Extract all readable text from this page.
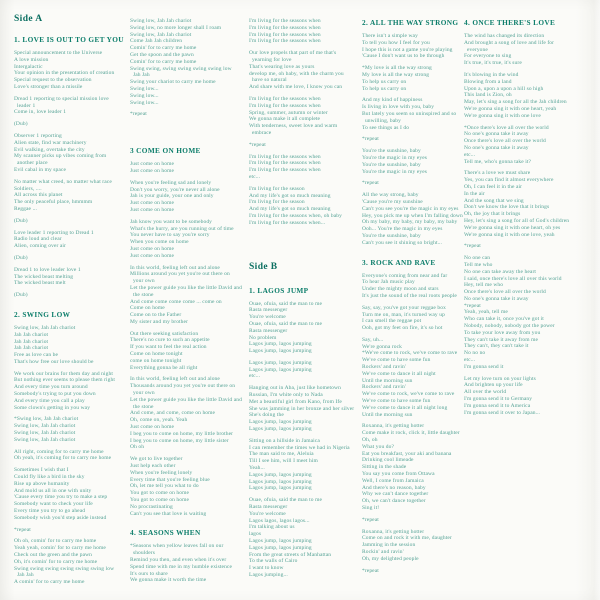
Side A
1. LOVE IS OUT TO GET YOU
Special announcement to the Universe
A love mission
Intergalactic
Your opinion in the presentation of creation
Special request to the observation
Love's stronger than a missile
Dread 1 reporting to special mission love
leader 1
Come in, love leader 1
(Dub)
Observer 1 reporting
Alien state, find war machinery
Evil walking, overtake the city
My scanner picks up vibes coming from
another place
Evil cabal in my space
No matter what creed, no matter what race
Soldiers, ....
All across this planet
The only peaceful place, hmmmm
Reggae ...
(Dub)
Love leader 1 reporting to Dread 1
Radio loud and clear
Alien, coming over air
(Dub)
Dread 1 to love leader love 1
The wicked beast melting
The wicked beast melt
(Dub)
2. SWING LOW
Swing low, Jah Jah chariot
Jah Jah chariot
Jah Jah chariot
Jah Jah chariot
Free as love can be
That's how free our love should be
We work our brains for them day and night
But nothing ever seems to please them right
And every time you turn around
Somebody's trying to put you down
And every time you call a play
Some clown's getting in you way
*Swing low, Jah Jah chariot
Swing low, Jah Jah chariot
Swing low, Jah Jah chariot
Swing low, Jah Jah chariot
All right, coming for to carry me home
Oh yeah, it's coming for to carry me home
Sometimes I wish that I
Could fly like a bird in the sky
Rise up above humanity
And mold us all in one with unity
'Cause every time you try to make a step
Somebody want to check your life
Every time you try to go ahead
Somebody wish you'd step aside instead
*repeat
Oh oh, comin' for to carry me home
Yeah yeah, comin' for to carry me home
Check out the green and the pawn
Oh, it's comin' for to carry me home
Swing swing swing swing swing swing low
Jah Jah
A comin' for to carry me home
Swing low, Jah Jah chariot
Swing low, no more longer shall I roam
Swing low, Jah Jah chariot
Come Jah Jah children
Comin' for to carry me home
Get the spoon and the pawn
Comin' for to carry me home
Swing swing, swing swing swing swing low
Jah Jah
Swing your chariot to carry me home
Swing low...
Swing low...
Swing low...
*repeat
3 COME ON HOME
Just come on home
Just come on home
When you're feeling sad and lonely
Don't you worry, you're never all alone
Jah is your guide, your one and only
Just come on home
Just come on home
Jah know you want to be somebody
What's the hurry, are you running out of time
You never have to say you're sorry
When you come on home
Just come on home
Just come on home
In this world, feeling left out and alone
Millions around you yet you're out there on
your own
Let the power guide you like the little David and
the stone
And come come come come ... come on
Come on home
Come on to the Father
My sister and my brother
Out there seeking satisfaction
There's no cure to such an appetite
If you want to feel the real action
Come on home tonight
come on home tonight
Everything gonna be all right
In this world, feeling left out and alone
Thousands around you yet you're out there on
your own
Let the power guide you like the little David and
the stone
And come, and come, come on home
Oh, come on, yeah. Yeah
Just come on home
I beg you to come on home, my little brother
I beg you to come on home, my little sister
Oh oh
We got to live together
Just help each other
When you're feeling lonely
Every time that you're feeling blue
Oh, let me tell you what to do
You got to come on home
You got to come on home
No procrastinating
Can't you see that love is waiting
4. SEASONS WHEN
*Seasons when yellow leaves fall on our
shoulders
Remind you then, and even when it's over
Spend time with me in my humble existence
It's ours to share
We gonna make it worth the time
I'm living for the seasons when
I'm living for the seasons when
I'm living for the seasons when
I'm living for the seasons when
Our love propels that part of me that's
yearning for love
That's wearing love as yours
develop me, oh baby, with the charm you
have so natural
And share with me love, I know you can
I'm living for the seasons when
I'm living for the seasons when
Spring, summer, autumn or winter
We gonna make it all complete
With tenderness, sweet love and warm
embrace
*repeat
I'm living for the seasons when
I'm living for the seasons when
I'm living for the seasons when
etc...
I'm living for the season
And my life's got so much meaning
I'm living for the season
And my life's got so much meaning
I'm living for the seasons when, oh baby
I'm living for the seasons when...
Side B
1. LAGOS JUMP
Ouae, ofuia, said the man to me
Rasta messenger
You're welcome
Ouae, ofuia, said the man to me
Rasta messenger
No problem
Lagos jump, lagos jumping
Lagos jump, lagos jumping
Lagos jump, lagos jumping
Lagos jump, lagos jumping
etc...
Hanging out in Aba, just like hometown
Russian, I'm white only to Nada
Met a beautiful girl from Kano, from Ife
She was jamming in her bronze and her silver
She's doing the
Lagos jump, lagos jumping
Lagos jump, lagos jumping
Sitting on a hillside in Jamaica
I can remember the times we had in Nigeria
The man said to me, Aleluia
Till I see him, will I meet him
Yeah...
Lagos jump, lagos jumping
Lagos jump, lagos jumping
Lagos jump, lagos jumping
Ouae, ofuia, said the man to me
Rasta messenger
You're welcome
Lagos lagos, lagos lagos...
I'm talking about us
lagos
Lagos jump, lagos jumping
Lagos jump, lagos jumping
From the great streets of Manhattan
To the walls of Cairo
I want to know
Lagos jumping...
2. ALL THE WAY STRONG
There isn't a simple way
To tell you how I feel for you
I hope this is not a game you're playing
'Cause I don't want us to be through
*My love is all the way strong
My love is all the way strong
To help us carry on
To help us carry on
And my kind of happiness
Is living in love with you, baby
But lately you seem so uninspired and so
unwilling, baby
To see things as I do
*repeat
You're the sunshine, baby
You're the magic in my eyes
You're the sunshine, baby
You're the magic in my eyes
*repeat
All the way strong, baby
'Cause you're my sunshine
Can't you see you're the magic in my eyes
Hey, you pick me up when I'm falling down
Oh my baby, my baby, my baby, my baby
Ooh... You're the magic in my eyes
You're the sunshine, baby
Can't you see it shining so bright...
3. ROCK AND RAVE
Everyone's coming from near and far
To hear Jah music play
Under the mighty moon and stars
It's just the sound of the real roots people
Say, say, you've got your reggae box
Turn me on, man, it's turned way up
I can smell the reggae pot
Ooh, got my feet on fire, it's so hot
Say, uh...
We're gonna rock
*We've come to rock, we've come to rave
We've come to have some fun
Rockers' and ravin'
We've come to dance it all night
Until the morning sun
Rockers' and ravin'
We've come to rock, we've come to rave
We've come to have some fun
We've come to dance it all night long
Until the morning sun
Roxanna, it's getting hotter
Come make it rock, click it, little daughter
Oh, oh
What you do?
Eat you breakfast, your aki and banana
Drinking cool limeade
Sitting in the shade
You say you come from Ottawa
Well, I come from Jamaica
And there's no reason, baby
Why we can't dance together
Oh, we can't dance together
Sing it!
*repeat
Roxanna, it's getting hotter
Come on and rock it with me, daughter
Jamming in the session
Rockin' and ravin'
Oh, my delighted people
*repeat
4. ONCE THERE'S LOVE
The wind has changed its direction
And brought a song of love and life for
everyone
For everyone to sing
It's true, it's true, it's sure
It's blowing in the wind
Blowing from a land
Upon a, upon a upon a hill so high
This land is Zion, oh
May, let's sing a song for all the Jah children
We're gonna sing it with one heart, yeah
We're gonna sing it with one love
*Once there's love all over the world
No one's gonna take it away
Once there's love all over the world
No one's gonna take it away
etc...
Tell me, who's gonna take it?
There's a love we must share
Yes, you can find it almost everywhere
Oh, I can feel it in the air
In the air
And the song that we sing
Don't we know the love that it brings
Oh, the joy that it brings
Hey, let's sing a song for all of God's children
We're gonna sing it with one heart, oh yes
We're gonna sing it with one love, yeah
*repeat
No one can
Tell me who
No one can take away the heart
I said, once there's love all over this world
Hey, tell me who
Once there's love all over the world
No one's gonna take it away
*repeat
Yeah, yeah, tell me
Who can take it, once you've got it
Nobody, nobody, nobody got the power
To take your love away from you
They can't take it away from me
They can't, they can't take it
No no no
etc...
I'm gonna send it
Let my love turn on your lights
And brighten up your life
All over the world
I'm gonna send it to Germany
I'm gonna send it to America
I'm gonna send it over to Japan...
